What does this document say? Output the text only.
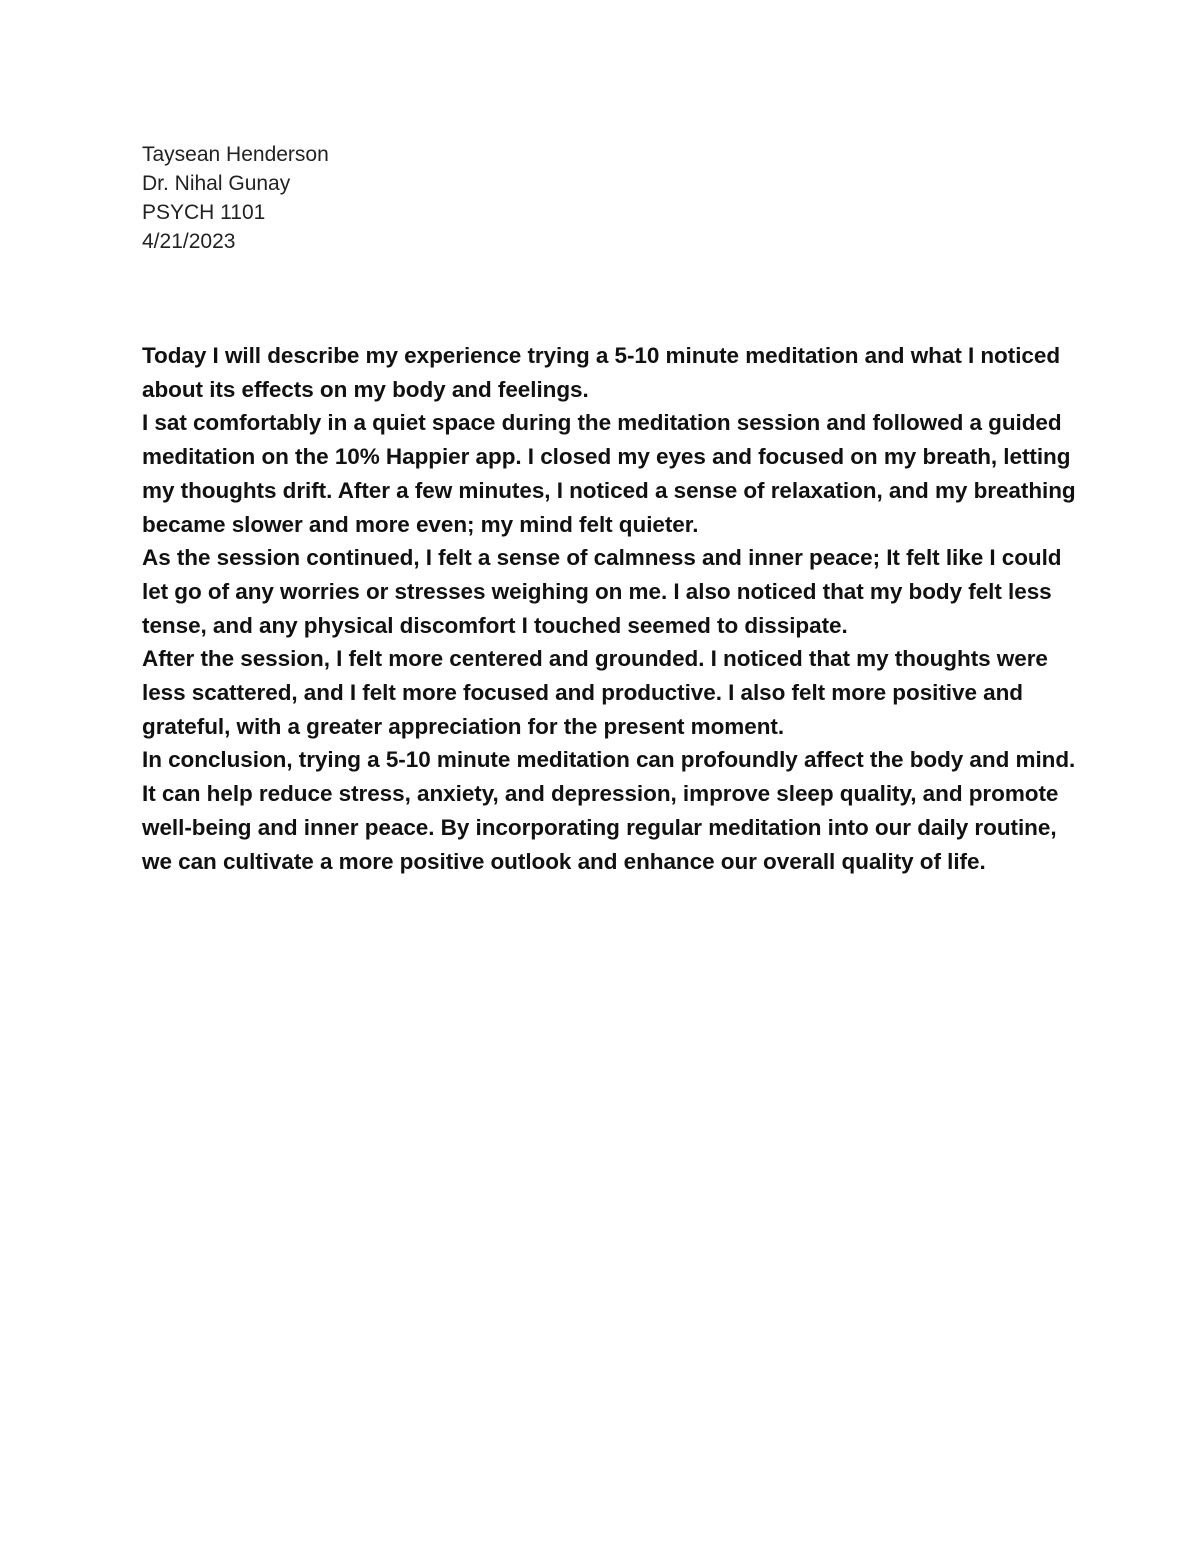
Taysean Henderson
Dr. Nihal Gunay
PSYCH 1101
4/21/2023

Today I will describe my experience trying a 5-10 minute meditation and what I noticed about its effects on my body and feelings.

I sat comfortably in a quiet space during the meditation session and followed a guided meditation on the 10% Happier app. I closed my eyes and focused on my breath, letting my thoughts drift. After a few minutes, I noticed a sense of relaxation, and my breathing became slower and more even; my mind felt quieter.

As the session continued, I felt a sense of calmness and inner peace; It felt like I could let go of any worries or stresses weighing on me. I also noticed that my body felt less tense, and any physical discomfort I touched seemed to dissipate.

After the session, I felt more centered and grounded. I noticed that my thoughts were less scattered, and I felt more focused and productive. I also felt more positive and grateful, with a greater appreciation for the present moment.

In conclusion, trying a 5-10 minute meditation can profoundly affect the body and mind. It can help reduce stress, anxiety, and depression, improve sleep quality, and promote well-being and inner peace. By incorporating regular meditation into our daily routine, we can cultivate a more positive outlook and enhance our overall quality of life.
